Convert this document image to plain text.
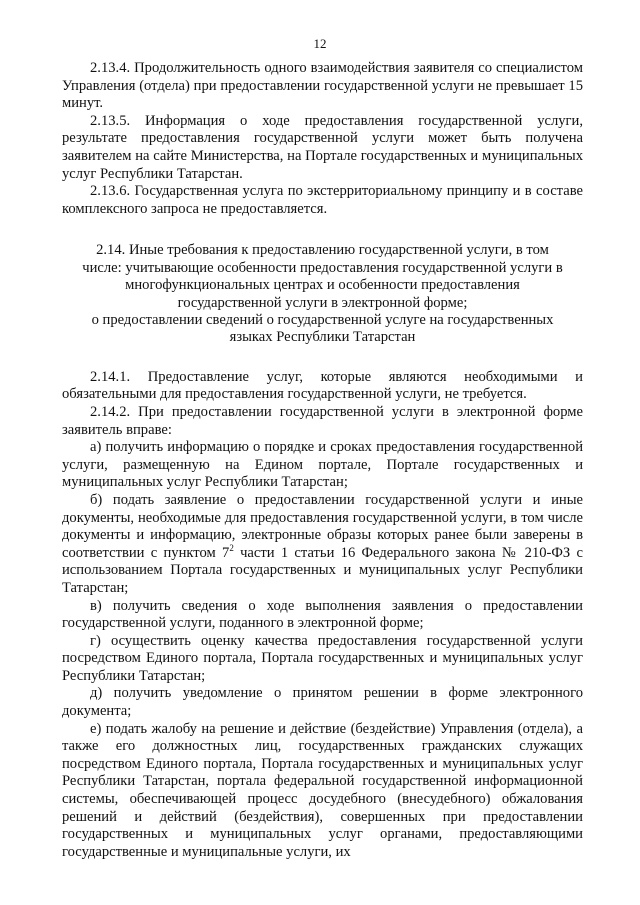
12

2.13.4. Продолжительность одного взаимодействия заявителя со специалистом Управления (отдела) при предоставлении государственной услуги не превышает 15 минут.

2.13.5. Информация о ходе предоставления государственной услуги, результате предоставления государственной услуги может быть получена заявителем на сайте Министерства, на Портале государственных и муниципальных услуг Республики Татарстан.

2.13.6. Государственная услуга по экстерриториальному принципу и в составе комплексного запроса не предоставляется.

2.14. Иные требования к предоставлению государственной услуги, в том числе: учитывающие особенности предоставления государственной услуги в многофункциональных центрах и особенности предоставления государственной услуги в электронной форме;
о предоставлении сведений о государственной услуге на государственных языках Республики Татарстан

2.14.1. Предоставление услуг, которые являются необходимыми и обязательными для предоставления государственной услуги, не требуется.

2.14.2. При предоставлении государственной услуги в электронной форме заявитель вправе:

а) получить информацию о порядке и сроках предоставления государственной услуги, размещенную на Едином портале, Портале государственных и муниципальных услуг Республики Татарстан;

б) подать заявление о предоставлении государственной услуги и иные документы, необходимые для предоставления государственной услуги, в том числе документы и информацию, электронные образы которых ранее были заверены в соответствии с пунктом $7^2$ части 1 статьи 16 Федерального закона № 210-ФЗ с использованием Портала государственных и муниципальных услуг Республики Татарстан;

в) получить сведения о ходе выполнения заявления о предоставлении государственной услуги, поданного в электронной форме;

г) осуществить оценку качества предоставления государственной услуги посредством Единого портала, Портала государственных и муниципальных услуг Республики Татарстан;

д) получить уведомление о принятом решении в форме электронного документа;

е) подать жалобу на решение и действие (бездействие) Управления (отдела), а также его должностных лиц, государственных гражданских служащих посредством Единого портала, Портала государственных и муниципальных услуг Республики Татарстан, портала федеральной государственной информационной системы, обеспечивающей процесс досудебного (внесудебного) обжалования решений и действий (бездействия), совершенных при предоставлении государственных и муниципальных услуг органами, предоставляющими государственные и муниципальные услуги, их
